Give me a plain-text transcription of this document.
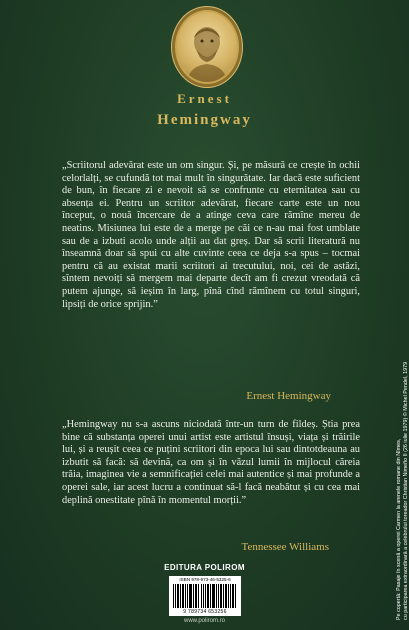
Ernest
Hemingway
„Scriitorul adevărat este un om singur. Și, pe măsură ce crește în ochii celorlalți, se cufundă tot mai mult în singurătate. Iar dacă este suficient de bun, în fiecare zi e nevoit să se confrunte cu eternitatea sau cu absența ei. Pentru un scriitor adevărat, fiecare carte este un nou început, o nouă încercare de a atinge ceva care rămîne mereu de neatins. Misiunea lui este de a merge pe căi ce n-au mai fost umblate sau de a izbuti acolo unde alții au dat greș. Dar să scrii literatură nu înseamnă doar să spui cu alte cuvinte ceea ce deja s-a spus – tocmai pentru că au existat marii scriitori ai trecutului, noi, cei de astăzi, sîntem nevoiți să mergem mai departe decît am fi crezut vreodată că putem ajunge, să ieșim în larg, pînă cînd rămînem cu totul singuri, lipsiți de orice sprijin.”
Ernest Hemingway
„Hemingway nu s-a ascuns niciodată într-un turn de fildeș. Știa prea bine că substanța operei unui artist este artistul însuși, viața și trăirile lui, și a reușit ceea ce puțini scriitori din epoca lui sau dintotdeauna au izbutit să facă: să devină, ca om și în văzul lumii în mijlocul căreia trăia, imaginea vie a semnificației celei mai autentice și mai profunde a operei sale, iar acest lucru a continuat să-l facă neabătut și cu cea mai deplină onestitate pînă în momentul morții.”
Tennessee Williams
EDITURA POLIROM
ISBN 978-973-46-5325-6
9 789734 653256
www.polirom.ro
Pe copertă: Pasaje în scenă a operei Carmen la arenele romane din Nîmes, cu participarea extraordinară a celebrului toreador Christian Nimeño II (26 iulie 1979) © Michel Pendel, 1979
